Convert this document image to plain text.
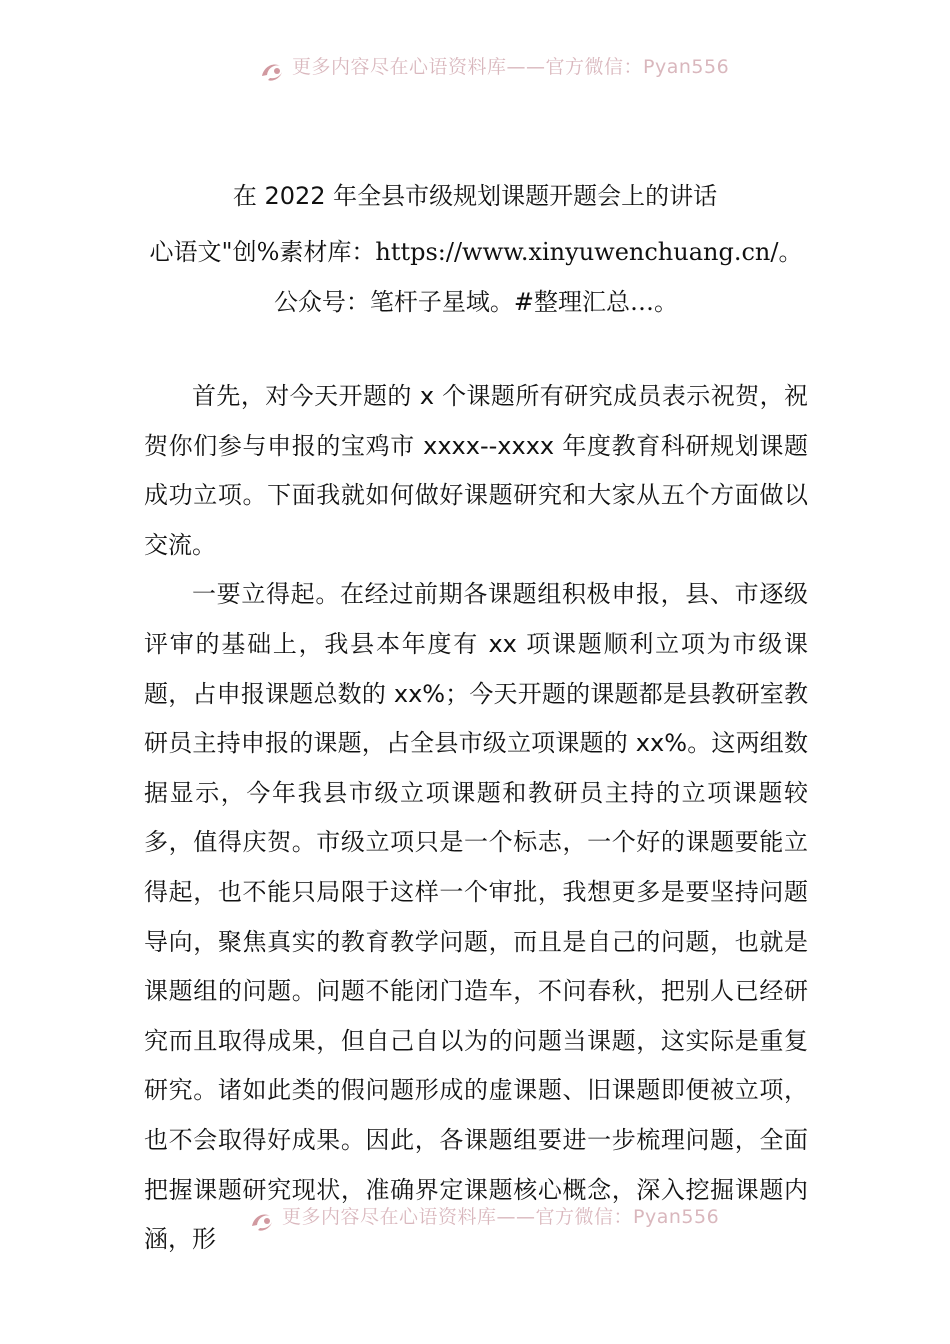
更多内容尽在心语资料库——官方微信：Pyan556
在 2022 年全县市级规划课题开题会上的讲话
心语文"创%素材库：https://www.xinyuwenchuang.cn/。公众号：笔杆子星域。#整理汇总…。

首先，对今天开题的 x 个课题所有研究成员表示祝贺，祝贺你们参与申报的宝鸡市 xxxx--xxxx 年度教育科研规划课题成功立项。下面我就如何做好课题研究和大家从五个方面做以交流。

一要立得起。在经过前期各课题组积极申报，县、市逐级评审的基础上，我县本年度有 xx 项课题顺利立项为市级课题，占申报课题总数的 xx%；今天开题的课题都是县教研室教研员主持申报的课题，占全县市级立项课题的 xx%。这两组数据显示，今年我县市级立项课题和教研员主持的立项课题较多，值得庆贺。市级立项只是一个标志，一个好的课题要能立得起，也不能只局限于这样一个审批，我想更多是要坚持问题导向，聚焦真实的教育教学问题，而且是自己的问题，也就是课题组的问题。问题不能闭门造车，不问春秋，把别人已经研究而且取得成果，但自己自以为的问题当课题，这实际是重复研究。诸如此类的假问题形成的虚课题、旧课题即便被立项，也不会取得好成果。因此，各课题组要进一步梳理问题，全面把握课题研究现状，准确界定课题核心概念，深入挖掘课题内涵，形

更多内容尽在心语资料库——官方微信：Pyan556
